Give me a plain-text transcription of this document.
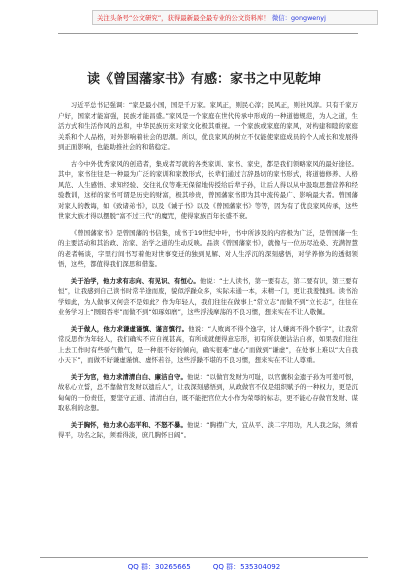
关注头条号“公文研究”，获得最新最全最专业的公文资料库！ 微信：gongwenyj
读《曾国藩家书》有感：家书之中见乾坤

习近平总书记强调：“家是最小国，国是千万家。家风正，则民心淳；民风正，则社风淳。只有千家万户好，国家才能富强，民族才能昌盛。”家风是一个家庭在世代传承中形成的一种道德规范，为人之道，生活方式和生活作风的总和，中华民族历来对家文化极其重视。一个家族或家庭的家风，对构建和睦的家庭关系和个人品格，对外影响着社会的思潮。所以，优良家风的树立不仅能使家庭成员的个人成长和发展得到正面影响，也能助推社会的和谐稳定。

古今中外优秀家风的创造者，集成者写就的各类家训、家书、家史，都是我们领略家风的最好途径。其中，家书往往是一种最为广泛的家训和家教形式，长辈们通过言辞恳切的家书形式，将道德修养、人格风范、人生感悟、求知经验、交往礼仪等难无保留地传授给后辈子孙，让后人得以从中汲取思想营养和经验教训，这样的家书可谓是历史的财富，极其珍贵，曾国藩家书即为其中流传最广、影响最大者。曾国藩对家人的教诲，如《致诸弟书》，以及《诫子书》以及《曾国藩家书》等等，因为有了优良家风传承，这些世家大族才得以摆脱“富不过三代”的魔咒，使得家族百年长盛不衰。

《曾国藩家书》是曾国藩的书信集，成书于19世纪中叶，书中所涉及的内容极为广泛，是曾国藩一生的主要活动和其治政、治家、治学之道的生动反映。品读《曾国藩家书》，就像与一位历尽沧桑、充满智慧的老者畅谈，字里行间书写着他对世事变迁的独到见解、对人生浮沉的深刻感悟，对学养修为的透彻领悟，这些，都值得我们深思和借鉴。

关于治学，他力求有志向、有见识、有恒心。他说：“士人读书，第一要有志，第二要有识，第三要有恒”，让我感到自己读书时常半途而废，貌似浮躁众多，实际未通一本，未精一门，更让我羞愧到。读书治学如此，为人做事又何尝不是如此？作为年轻人，我们往往在做事上“常立志”而做不到“立长志”，往往在业务学习上“囫囵吞枣”而做不到“如琢如磨”，这些浮浅摩荡的不良习惯，想来实在不让人敬佩。

关于做人，他力求谦虚谨慎、谨言慎行。他说：“人败离不得个逸字，讨人嫌离不得个骄字”，让我常常反思作为年轻人，我们确实不应自视甚高，有所成就便得意忘形，初有所获便沾沾自喜，如果我们往往上去工作时有些骄气傲气，是一种很不好的倾向，确实很难“虚心”而做到“谦虚”，在处事上难以“大自我小天下”，而做不好谦虚谨慎、虚怀若谷，这些浮躁不堪的不良习惯，想来实在不让人尊重。

关于为官，他力求清清白白、廉洁自守。他说：“以做官发财为可耻，以官囊积金遗子孙为可羞可恨，故私心立誓，总不靠做官发财以遗后人”，让我深刻感悟到，从政做官不仅是组织赋予的一种权力，更是沉甸甸的一份责任，要坚守正道、清清白白，既不能把官位大小作为荣辱的标志，更不能心存做官发财、谋取私利的念想。

关于胸怀，他力求心态平和、不怒不暴。他说：“胸襟广大，宜从平、淡二字用功，凡人我之际，须看得平，功名之际，须看得淡，庶几胸怀日阔”。

QQ 群：30265665	QQ 群：535304092
